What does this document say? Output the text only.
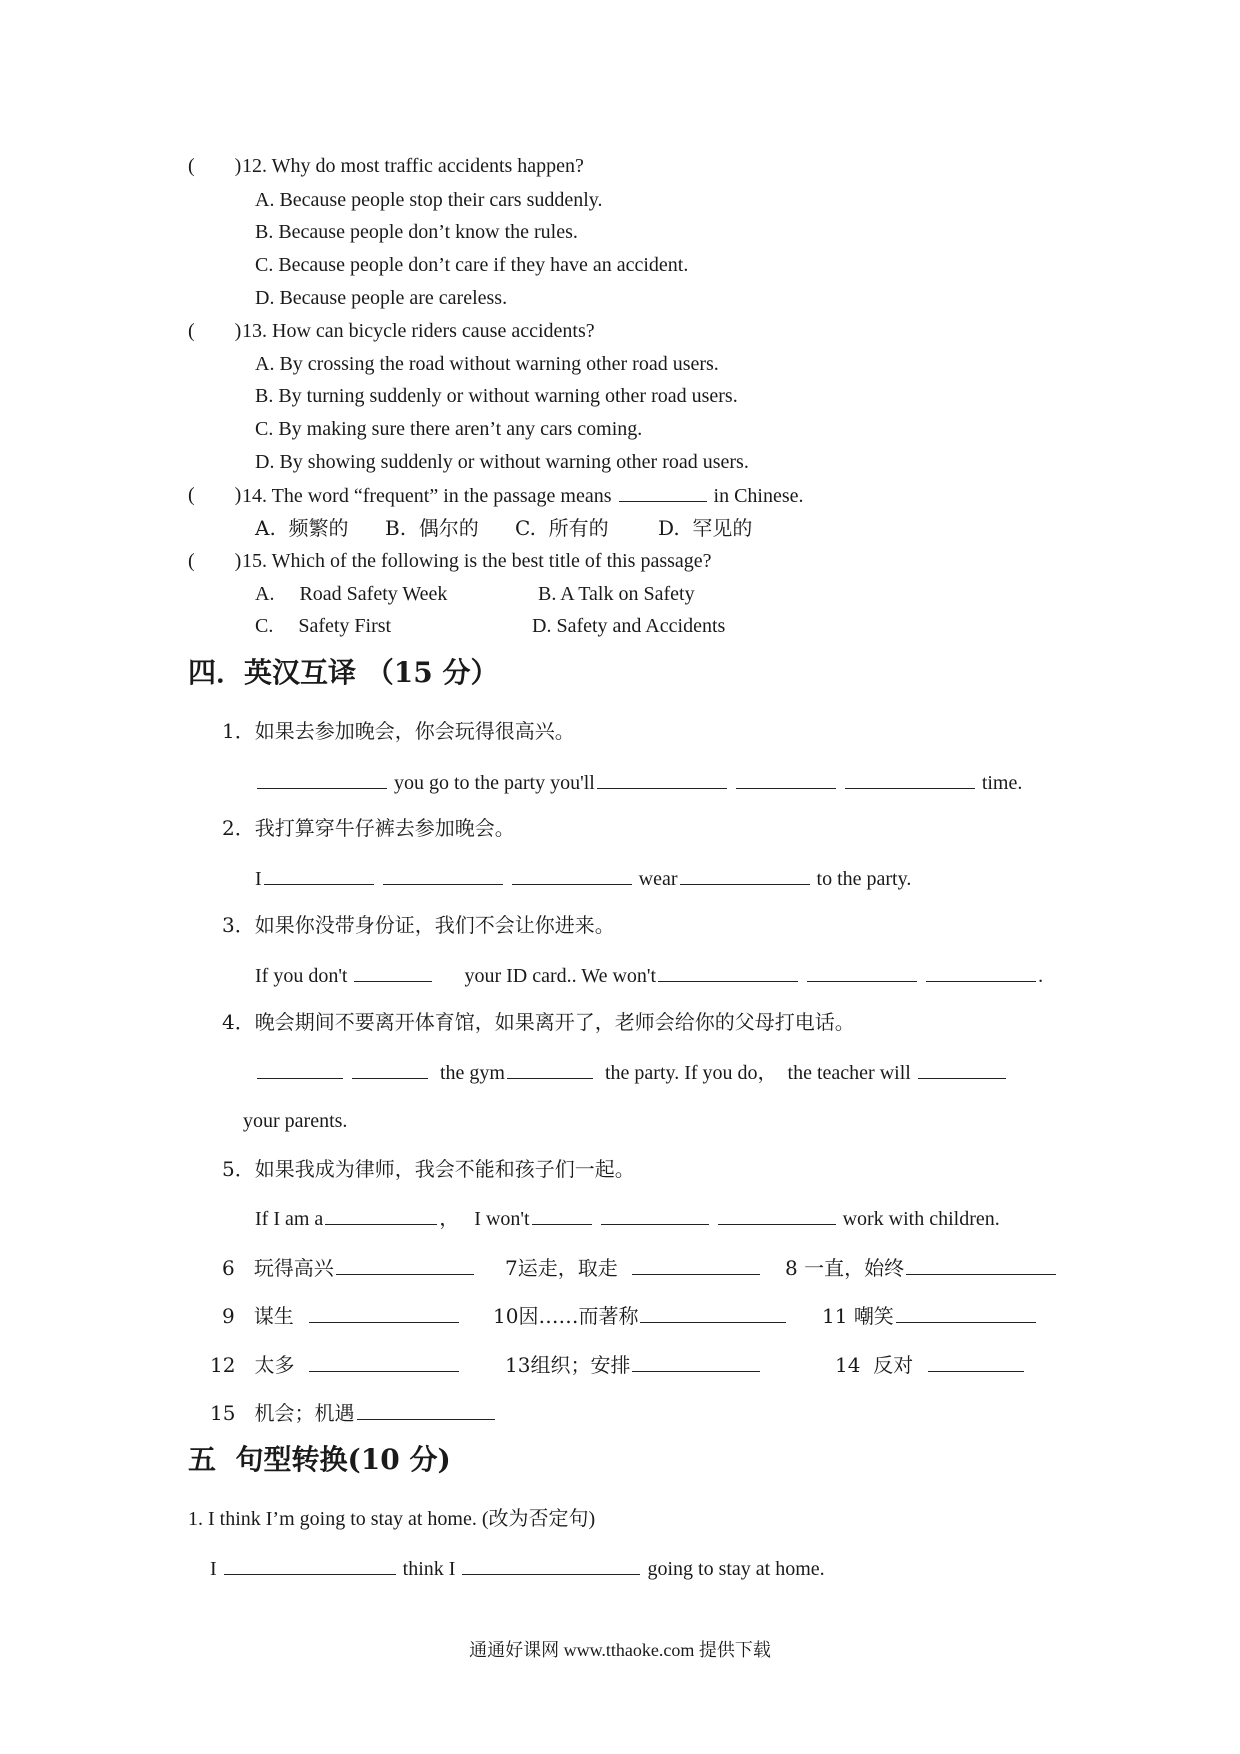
(        ) 12. Why do most traffic accidents happen?
A. Because people stop their cars suddenly.
B. Because people don’t know the rules.
C. Because people don’t care if they have an accident.
D. Because people are careless.
(        ) 13. How can bicycle riders cause accidents?
A. By crossing the road without warning other road users.
B. By turning suddenly or without warning other road users.
C. By making sure there aren’t any cars coming.
D. By showing suddenly or without warning other road users.
(        ) 14. The word “frequent” in the passage means	in Chinese.
A.  频繁的 B.  偶尔的 C.  所有的 D.  罕见的
(        ) 15. Which of the following is the best title of this passage?
A.     Road Safety Week	B. A Talk on Safety
C.     Safety First	D. Safety and Accidents
四．英汉互译 （15 分）
1．如果去参加晚会，你会玩得很高兴。
you go to the party you'll	time.
2．我打算穿牛仔裤去参加晚会。
I	wear	to the party.
3．如果你没带身份证，我们不会让你进来。
If you don't	your ID card.. We won't	.
4．晚会期间不要离开体育馆，如果离开了，老师会给你的父母打电话。
the gym	the party. If you do，  the teacher will
your parents.
5．如果我成为律师，我会不能和孩子们一起。
If I am a	，   I won't	work with children.
6 玩得高兴	7运走，取走	8 一直，始终
9 谋生	10因……而著称	11 嘲笑
12 太多	13组织；安排	14 反对
15 机会；机遇
五  句型转换(10 分)
1. I think I’m going to stay at home. (改为否定句)
I	think I	going to stay at home.
通通好课网 www.tthaoke.com 提供下载
